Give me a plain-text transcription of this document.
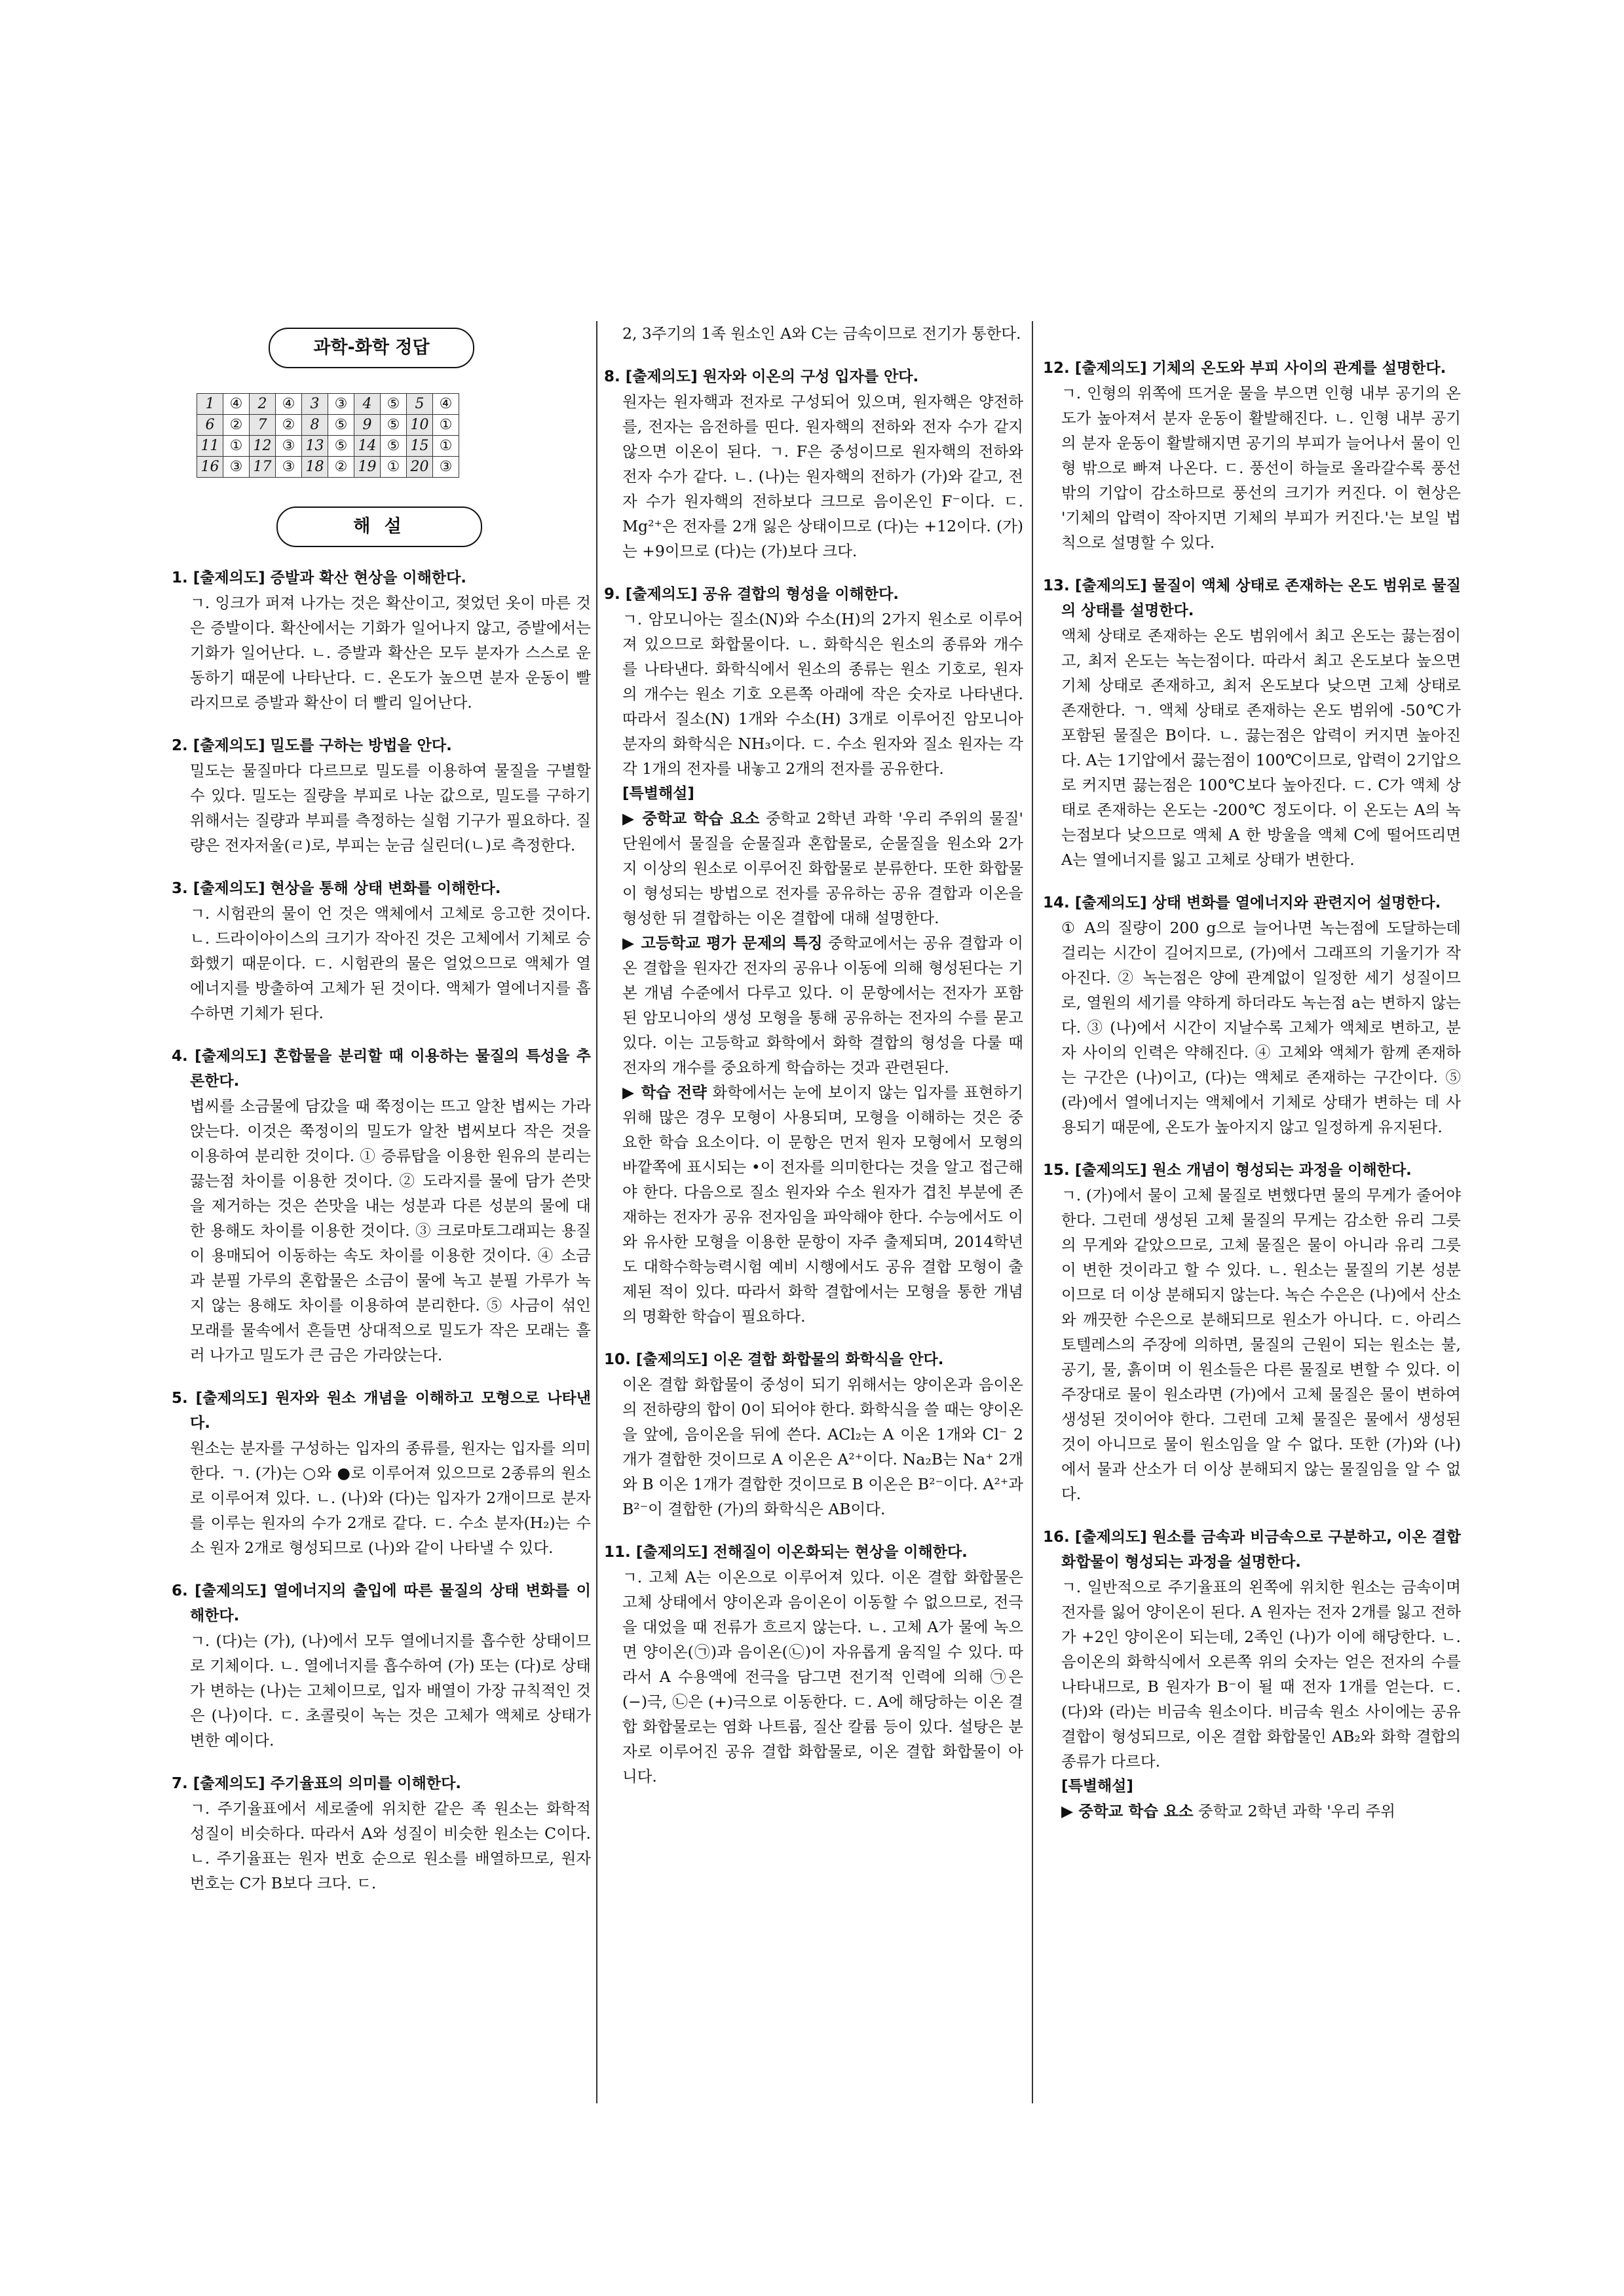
과학-화학 정답
1	④	2	④	3	③	4	⑤	5	④
6	②	7	②	8	⑤	9	⑤	10	①
11	①	12	③	13	⑤	14	⑤	15	①
16	③	17	③	18	②	19	①	20	③
해 설
1. [출제의도] 증발과 확산 현상을 이해한다.
ㄱ. 잉크가 퍼져 나가는 것은 확산이고, 젖었던 옷이 마른 것은 증발이다. 확산에서는 기화가 일어나지 않고, 증발에서는 기화가 일어난다. ㄴ. 증발과 확산은 모두 분자가 스스로 운동하기 때문에 나타난다. ㄷ. 온도가 높으면 분자 운동이 빨라지므로 증발과 확산이 더 빨리 일어난다.
2. [출제의도] 밀도를 구하는 방법을 안다.
밀도는 물질마다 다르므로 밀도를 이용하여 물질을 구별할 수 있다. 밀도는 질량을 부피로 나눈 값으로, 밀도를 구하기 위해서는 질량과 부피를 측정하는 실험 기구가 필요하다. 질량은 전자저울(ㄹ)로, 부피는 눈금 실린더(ㄴ)로 측정한다.
3. [출제의도] 현상을 통해 상태 변화를 이해한다.
ㄱ. 시험관의 물이 언 것은 액체에서 고체로 응고한 것이다. ㄴ. 드라이아이스의 크기가 작아진 것은 고체에서 기체로 승화했기 때문이다. ㄷ. 시험관의 물은 얼었으므로 액체가 열에너지를 방출하여 고체가 된 것이다. 액체가 열에너지를 흡수하면 기체가 된다.
4. [출제의도] 혼합물을 분리할 때 이용하는 물질의 특성을 추론한다.
볍씨를 소금물에 담갔을 때 쭉정이는 뜨고 알찬 볍씨는 가라앉는다. 이것은 쭉정이의 밀도가 알찬 볍씨보다 작은 것을 이용하여 분리한 것이다. ① 증류탑을 이용한 원유의 분리는 끓는점 차이를 이용한 것이다. ② 도라지를 물에 담가 쓴맛을 제거하는 것은 쓴맛을 내는 성분과 다른 성분의 물에 대한 용해도 차이를 이용한 것이다. ③ 크로마토그래피는 용질이 용매되어 이동하는 속도 차이를 이용한 것이다. ④ 소금과 분필 가루의 혼합물은 소금이 물에 녹고 분필 가루가 녹지 않는 용해도 차이를 이용하여 분리한다. ⑤ 사금이 섞인 모래를 물속에서 흔들면 상대적으로 밀도가 작은 모래는 흘러 나가고 밀도가 큰 금은 가라앉는다.
5. [출제의도] 원자와 원소 개념을 이해하고 모형으로 나타낸다.
원소는 분자를 구성하는 입자의 종류를, 원자는 입자를 의미한다. ㄱ. (가)는 ○와 ●로 이루어져 있으므로 2종류의 원소로 이루어져 있다. ㄴ. (나)와 (다)는 입자가 2개이므로 분자를 이루는 원자의 수가 2개로 같다. ㄷ. 수소 분자(H₂)는 수소 원자 2개로 형성되므로 (나)와 같이 나타낼 수 있다.
6. [출제의도] 열에너지의 출입에 따른 물질의 상태 변화를 이해한다.
ㄱ. (다)는 (가), (나)에서 모두 열에너지를 흡수한 상태이므로 기체이다. ㄴ. 열에너지를 흡수하여 (가) 또는 (다)로 상태가 변하는 (나)는 고체이므로, 입자 배열이 가장 규칙적인 것은 (나)이다. ㄷ. 초콜릿이 녹는 것은 고체가 액체로 상태가 변한 예이다.
7. [출제의도] 주기율표의 의미를 이해한다.
ㄱ. 주기율표에서 세로줄에 위치한 같은 족 원소는 화학적 성질이 비슷하다. 따라서 A와 성질이 비슷한 원소는 C이다. ㄴ. 주기율표는 원자 번호 순으로 원소를 배열하므로, 원자 번호는 C가 B보다 크다. ㄷ.
2, 3주기의 1족 원소인 A와 C는 금속이므로 전기가 통한다.
8. [출제의도] 원자와 이온의 구성 입자를 안다.
원자는 원자핵과 전자로 구성되어 있으며, 원자핵은 양전하를, 전자는 음전하를 띤다. 원자핵의 전하와 전자 수가 같지 않으면 이온이 된다. ㄱ. F은 중성이므로 원자핵의 전하와 전자 수가 같다. ㄴ. (나)는 원자핵의 전하가 (가)와 같고, 전자 수가 원자핵의 전하보다 크므로 음이온인 F⁻이다. ㄷ. Mg²⁺은 전자를 2개 잃은 상태이므로 (다)는 +12이다. (가)는 +9이므로 (다)는 (가)보다 크다.
9. [출제의도] 공유 결합의 형성을 이해한다.
ㄱ. 암모니아는 질소(N)와 수소(H)의 2가지 원소로 이루어져 있으므로 화합물이다. ㄴ. 화학식은 원소의 종류와 개수를 나타낸다. 화학식에서 원소의 종류는 원소 기호로, 원자의 개수는 원소 기호 오른쪽 아래에 작은 숫자로 나타낸다. 따라서 질소(N) 1개와 수소(H) 3개로 이루어진 암모니아 분자의 화학식은 NH₃이다. ㄷ. 수소 원자와 질소 원자는 각각 1개의 전자를 내놓고 2개의 전자를 공유한다.
[특별해설]
▶ 중학교 학습 요소 중학교 2학년 과학 '우리 주위의 물질' 단원에서 물질을 순물질과 혼합물로, 순물질을 원소와 2가지 이상의 원소로 이루어진 화합물로 분류한다. 또한 화합물이 형성되는 방법으로 전자를 공유하는 공유 결합과 이온을 형성한 뒤 결합하는 이온 결합에 대해 설명한다.
▶ 고등학교 평가 문제의 특징 중학교에서는 공유 결합과 이온 결합을 원자간 전자의 공유나 이동에 의해 형성된다는 기본 개념 수준에서 다루고 있다. 이 문항에서는 전자가 포함된 암모니아의 생성 모형을 통해 공유하는 전자의 수를 묻고 있다. 이는 고등학교 화학에서 화학 결합의 형성을 다룰 때 전자의 개수를 중요하게 학습하는 것과 관련된다.
▶ 학습 전략 화학에서는 눈에 보이지 않는 입자를 표현하기 위해 많은 경우 모형이 사용되며, 모형을 이해하는 것은 중요한 학습 요소이다. 이 문항은 먼저 원자 모형에서 모형의 바깥쪽에 표시되는 •이 전자를 의미한다는 것을 알고 접근해야 한다. 다음으로 질소 원자와 수소 원자가 겹친 부분에 존재하는 전자가 공유 전자임을 파악해야 한다. 수능에서도 이와 유사한 모형을 이용한 문항이 자주 출제되며, 2014학년도 대학수학능력시험 예비 시행에서도 공유 결합 모형이 출제된 적이 있다. 따라서 화학 결합에서는 모형을 통한 개념의 명확한 학습이 필요하다.
10. [출제의도] 이온 결합 화합물의 화학식을 안다.
이온 결합 화합물이 중성이 되기 위해서는 양이온과 음이온의 전하량의 합이 0이 되어야 한다. 화학식을 쓸 때는 양이온을 앞에, 음이온을 뒤에 쓴다. ACl₂는 A 이온 1개와 Cl⁻ 2개가 결합한 것이므로 A 이온은 A²⁺이다. Na₂B는 Na⁺ 2개와 B 이온 1개가 결합한 것이므로 B 이온은 B²⁻이다. A²⁺과 B²⁻이 결합한 (가)의 화학식은 AB이다.
11. [출제의도] 전해질이 이온화되는 현상을 이해한다.
ㄱ. 고체 A는 이온으로 이루어져 있다. 이온 결합 화합물은 고체 상태에서 양이온과 음이온이 이동할 수 없으므로, 전극을 대었을 때 전류가 흐르지 않는다. ㄴ. 고체 A가 물에 녹으면 양이온(㉠)과 음이온(㉡)이 자유롭게 움직일 수 있다. 따라서 A 수용액에 전극을 담그면 전기적 인력에 의해 ㉠은 (−)극, ㉡은 (+)극으로 이동한다. ㄷ. A에 해당하는 이온 결합 화합물로는 염화 나트륨, 질산 칼륨 등이 있다. 설탕은 분자로 이루어진 공유 결합 화합물로, 이온 결합 화합물이 아니다.
12. [출제의도] 기체의 온도와 부피 사이의 관계를 설명한다.
ㄱ. 인형의 위쪽에 뜨거운 물을 부으면 인형 내부 공기의 온도가 높아져서 분자 운동이 활발해진다. ㄴ. 인형 내부 공기의 분자 운동이 활발해지면 공기의 부피가 늘어나서 물이 인형 밖으로 빠져 나온다. ㄷ. 풍선이 하늘로 올라갈수록 풍선 밖의 기압이 감소하므로 풍선의 크기가 커진다. 이 현상은 '기체의 압력이 작아지면 기체의 부피가 커진다.'는 보일 법칙으로 설명할 수 있다.
13. [출제의도] 물질이 액체 상태로 존재하는 온도 범위로 물질의 상태를 설명한다.
액체 상태로 존재하는 온도 범위에서 최고 온도는 끓는점이고, 최저 온도는 녹는점이다. 따라서 최고 온도보다 높으면 기체 상태로 존재하고, 최저 온도보다 낮으면 고체 상태로 존재한다. ㄱ. 액체 상태로 존재하는 온도 범위에 -50℃가 포함된 물질은 B이다. ㄴ. 끓는점은 압력이 커지면 높아진다. A는 1기압에서 끓는점이 100℃이므로, 압력이 2기압으로 커지면 끓는점은 100℃보다 높아진다. ㄷ. C가 액체 상태로 존재하는 온도는 -200℃ 정도이다. 이 온도는 A의 녹는점보다 낮으므로 액체 A 한 방울을 액체 C에 떨어뜨리면 A는 열에너지를 잃고 고체로 상태가 변한다.
14. [출제의도] 상태 변화를 열에너지와 관련지어 설명한다.
① A의 질량이 200 g으로 늘어나면 녹는점에 도달하는데 걸리는 시간이 길어지므로, (가)에서 그래프의 기울기가 작아진다. ② 녹는점은 양에 관계없이 일정한 세기 성질이므로, 열원의 세기를 약하게 하더라도 녹는점 a는 변하지 않는다. ③ (나)에서 시간이 지날수록 고체가 액체로 변하고, 분자 사이의 인력은 약해진다. ④ 고체와 액체가 함께 존재하는 구간은 (나)이고, (다)는 액체로 존재하는 구간이다. ⑤ (라)에서 열에너지는 액체에서 기체로 상태가 변하는 데 사용되기 때문에, 온도가 높아지지 않고 일정하게 유지된다.
15. [출제의도] 원소 개념이 형성되는 과정을 이해한다.
ㄱ. (가)에서 물이 고체 물질로 변했다면 물의 무게가 줄어야 한다. 그런데 생성된 고체 물질의 무게는 감소한 유리 그릇의 무게와 같았으므로, 고체 물질은 물이 아니라 유리 그릇이 변한 것이라고 할 수 있다. ㄴ. 원소는 물질의 기본 성분이므로 더 이상 분해되지 않는다. 녹슨 수은은 (나)에서 산소와 깨끗한 수은으로 분해되므로 원소가 아니다. ㄷ. 아리스토텔레스의 주장에 의하면, 물질의 근원이 되는 원소는 불, 공기, 물, 흙이며 이 원소들은 다른 물질로 변할 수 있다. 이 주장대로 물이 원소라면 (가)에서 고체 물질은 물이 변하여 생성된 것이어야 한다. 그런데 고체 물질은 물에서 생성된 것이 아니므로 물이 원소임을 알 수 없다. 또한 (가)와 (나)에서 물과 산소가 더 이상 분해되지 않는 물질임을 알 수 없다.
16. [출제의도] 원소를 금속과 비금속으로 구분하고, 이온 결합 화합물이 형성되는 과정을 설명한다.
ㄱ. 일반적으로 주기율표의 왼쪽에 위치한 원소는 금속이며 전자를 잃어 양이온이 된다. A 원자는 전자 2개를 잃고 전하가 +2인 양이온이 되는데, 2족인 (나)가 이에 해당한다. ㄴ. 음이온의 화학식에서 오른쪽 위의 숫자는 얻은 전자의 수를 나타내므로, B 원자가 B⁻이 될 때 전자 1개를 얻는다. ㄷ. (다)와 (라)는 비금속 원소이다. 비금속 원소 사이에는 공유 결합이 형성되므로, 이온 결합 화합물인 AB₂와 화학 결합의 종류가 다르다.
[특별해설]
▶ 중학교 학습 요소 중학교 2학년 과학 '우리 주위
